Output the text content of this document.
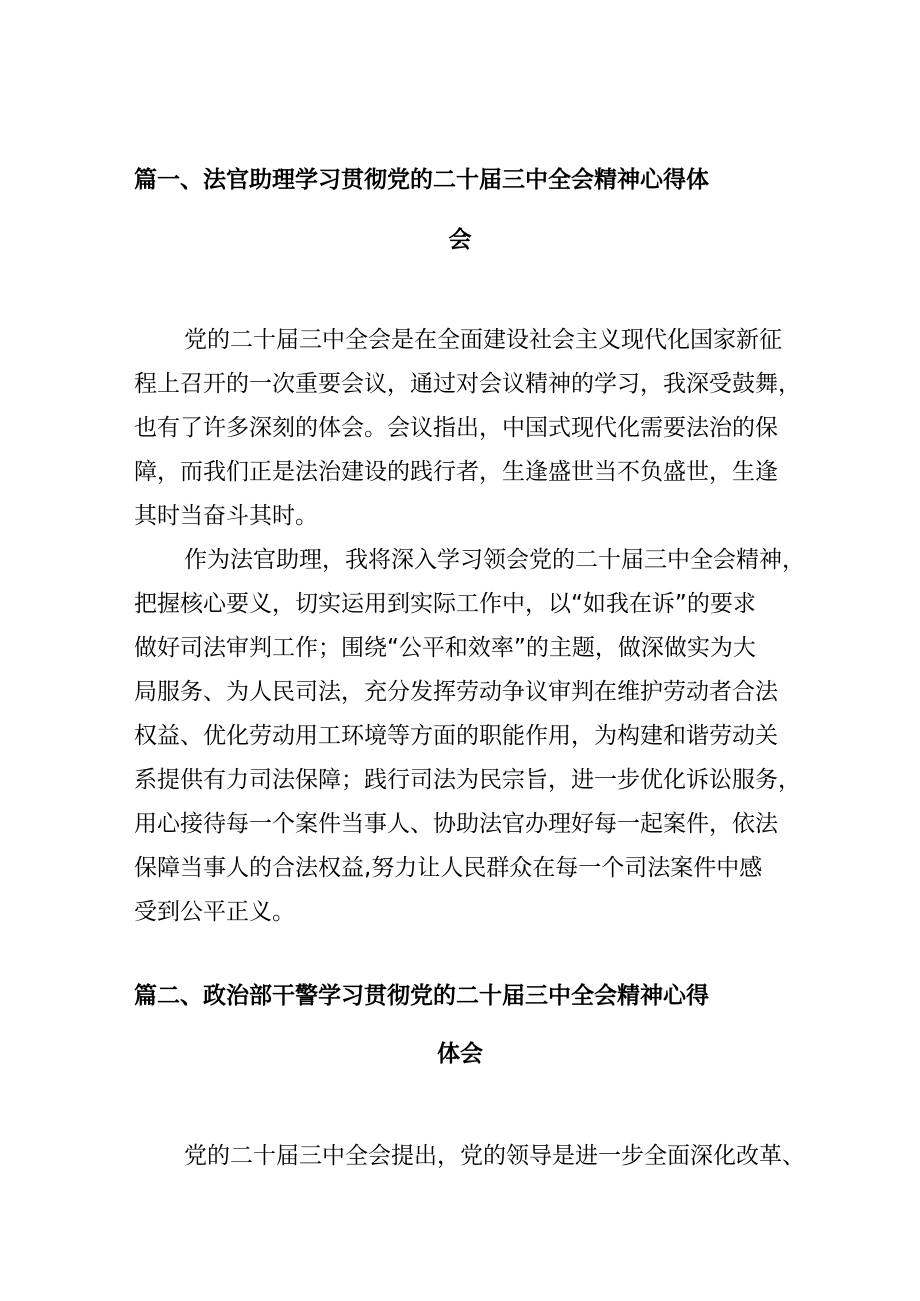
篇一、法官助理学习贯彻党的二十届三中全会精神心得体
会
党的二十届三中全会是在全面建设社会主义现代化国家新征
程上召开的一次重要会议，通过对会议精神的学习，我深受鼓舞，
也有了许多深刻的体会。会议指出，中国式现代化需要法治的保
障，而我们正是法治建设的践行者，生逢盛世当不负盛世，生逢
其时当奋斗其时。
作为法官助理，我将深入学习领会党的二十届三中全会精神，
把握核心要义，切实运用到实际工作中，以“如我在诉”的要求
做好司法审判工作；围绕“公平和效率”的主题，做深做实为大
局服务、为人民司法，充分发挥劳动争议审判在维护劳动者合法
权益、优化劳动用工环境等方面的职能作用，为构建和谐劳动关
系提供有力司法保障；践行司法为民宗旨，进一步优化诉讼服务，
用心接待每一个案件当事人、协助法官办理好每一起案件，依法
保障当事人的合法权益,努力让人民群众在每一个司法案件中感
受到公平正义。
篇二、政治部干警学习贯彻党的二十届三中全会精神心得
体会
党的二十届三中全会提出，党的领导是进一步全面深化改革、
